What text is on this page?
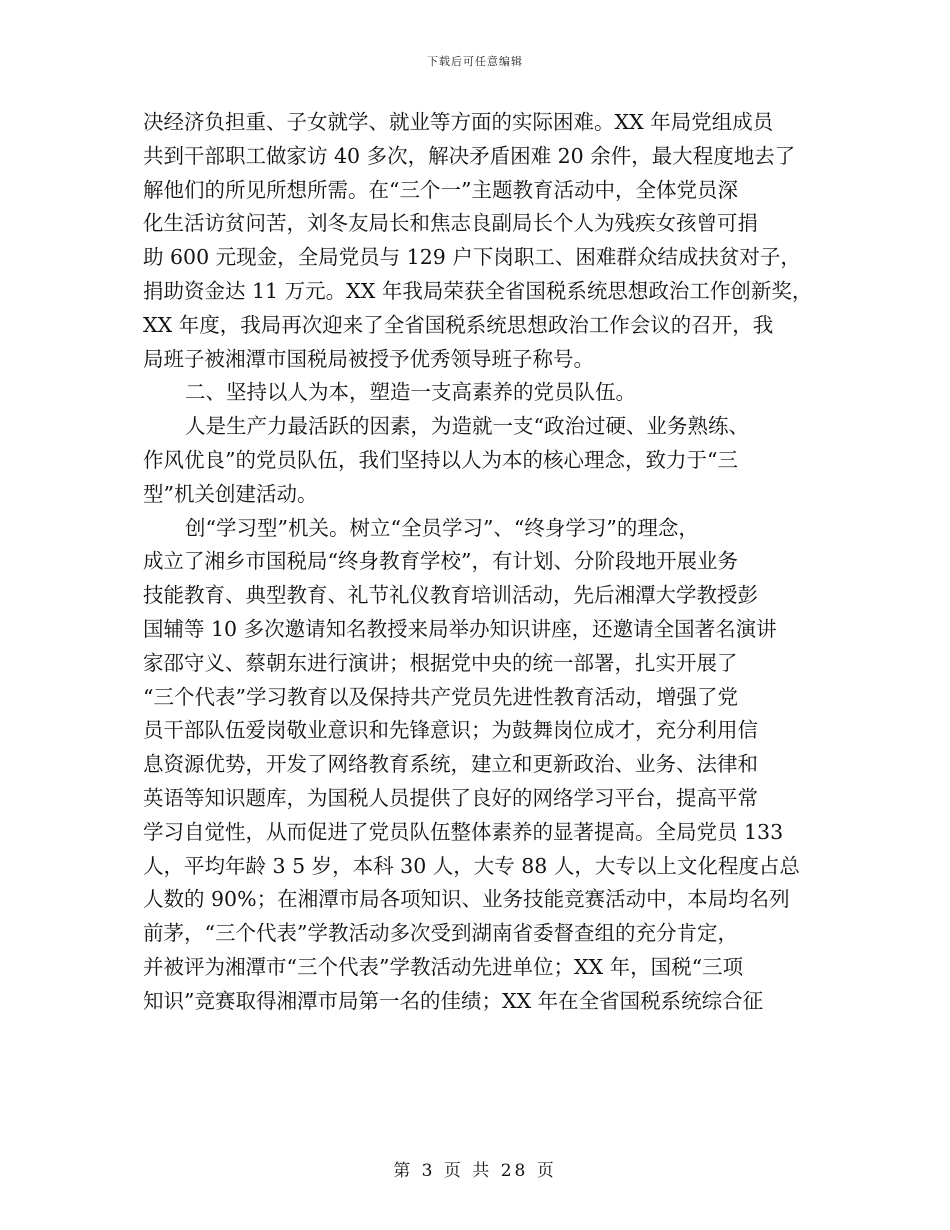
下载后可任意编辑
决经济负担重、子女就学、就业等方面的实际困难。XX 年局党组成员
共到干部职工做家访 40 多次，解决矛盾困难 20 余件，最大程度地去了
解他们的所见所想所需。在“三个一”主题教育活动中，全体党员深
化生活访贫问苦，刘冬友局长和焦志良副局长个人为残疾女孩曾可捐
助 600 元现金，全局党员与 129 户下岗职工、困难群众结成扶贫对子，
捐助资金达 11 万元。XX 年我局荣获全省国税系统思想政治工作创新奖，
XX 年度，我局再次迎来了全省国税系统思想政治工作会议的召开，我
局班子被湘潭市国税局被授予优秀领导班子称号。
二、坚持以人为本，塑造一支高素养的党员队伍。
人是生产力最活跃的因素，为造就一支“政治过硬、业务熟练、
作风优良”的党员队伍，我们坚持以人为本的核心理念，致力于“三
型”机关创建活动。
创“学习型”机关。树立“全员学习”、“终身学习”的理念，
成立了湘乡市国税局“终身教育学校”，有计划、分阶段地开展业务
技能教育、典型教育、礼节礼仪教育培训活动，先后湘潭大学教授彭
国辅等 10 多次邀请知名教授来局举办知识讲座，还邀请全国著名演讲
家邵守义、蔡朝东进行演讲；根据党中央的统一部署，扎实开展了
“三个代表”学习教育以及保持共产党员先进性教育活动，增强了党
员干部队伍爱岗敬业意识和先锋意识；为鼓舞岗位成才，充分利用信
息资源优势，开发了网络教育系统，建立和更新政治、业务、法律和
英语等知识题库，为国税人员提供了良好的网络学习平台，提高平常
学习自觉性，从而促进了党员队伍整体素养的显著提高。全局党员 133
人，平均年龄 3 5 岁，本科 30 人，大专 88 人，大专以上文化程度占总
人数的 90%；在湘潭市局各项知识、业务技能竞赛活动中，本局均名列
前茅，“三个代表”学教活动多次受到湖南省委督查组的充分肯定，
并被评为湘潭市“三个代表”学教活动先进单位；XX 年，国税“三项
知识”竞赛取得湘潭市局第一名的佳绩；XX 年在全省国税系统综合征
第 3 页 共 28 页
